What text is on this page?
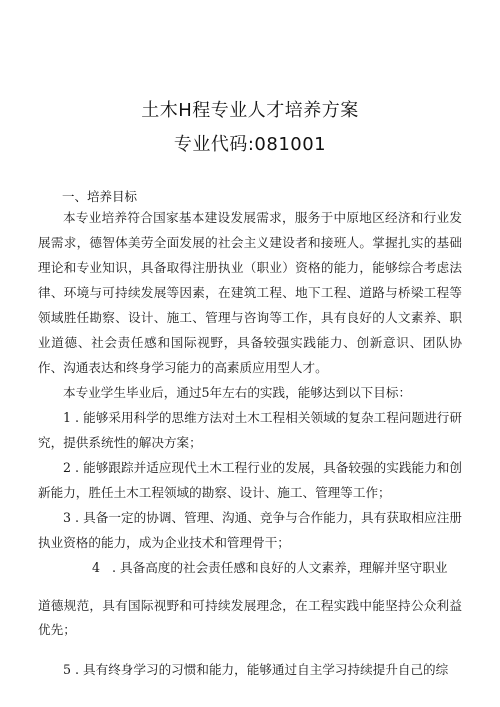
土木H程专业人才培养方案
专业代码:081001
一、培养目标

本专业培养符合国家基本建设发展需求，服务于中原地区经济和行业发展需求，德智体美劳全面发展的社会主义建设者和接班人。掌握扎实的基础理论和专业知识，具备取得注册执业（职业）资格的能力，能够综合考虑法律、环境与可持续发展等因素，在建筑工程、地下工程、道路与桥梁工程等领域胜任勘察、设计、施工、管理与咨询等工作，具有良好的人文素养、职业道德、社会责任感和国际视野，具备较强实践能力、创新意识、团队协作、沟通表达和终身学习能力的高素质应用型人才。

本专业学生毕业后，通过5年左右的实践，能够达到以下目标：

1 . 能够采用科学的思维方法对土木工程相关领域的复杂工程问题进行研究，提供系统性的解决方案；

2 . 能够跟踪并适应现代土木工程行业的发展，具备较强的实践能力和创新能力，胜任土木工程领域的勘察、设计、施工、管理等工作；

3 . 具备一定的协调、管理、沟通、竞争与合作能力，具有获取相应注册执业资格的能力，成为企业技术和管理骨干；

4 . 具备高度的社会责任感和良好的人文素养，理解并坚守职业

道德规范，具有国际视野和可持续发展理念，在工程实践中能坚持公众利益优先；

5 . 具有终身学习的习惯和能力，能够通过自主学习持续提升自己的综
